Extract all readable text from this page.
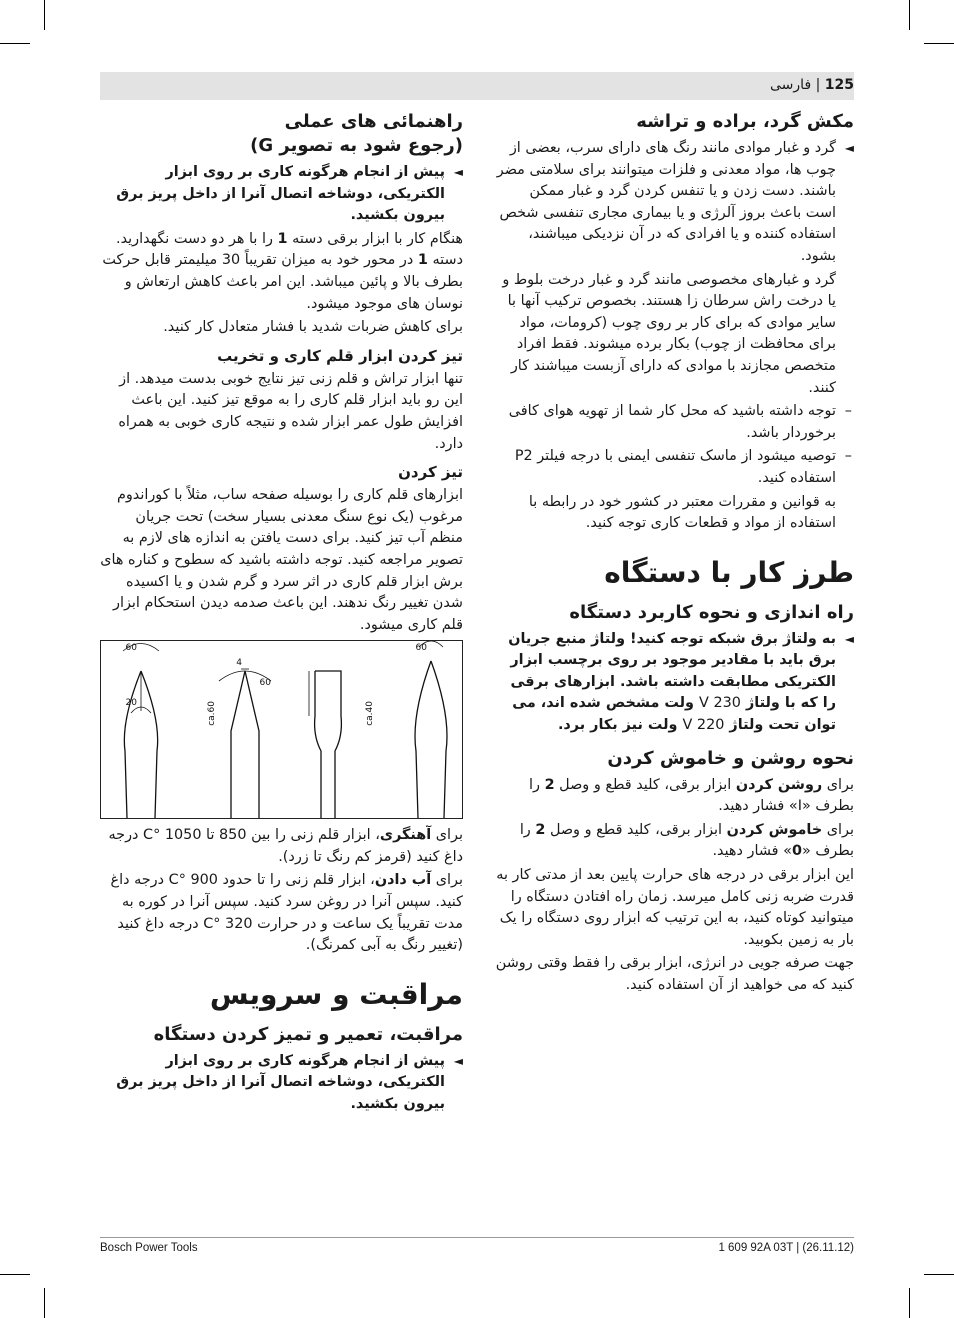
125 | فارسی
مکش گرد، براده و تراشه

◄
گرد و غبار موادی مانند رنگ های دارای سرب، بعضی از چوب ها، مواد معدنی و فلزات میتوانند برای سلامتی مضر باشند. دست زدن و یا تنفس کردن گرد و غبار ممکن است باعث بروز آلرژی و یا بیماری مجاری تنفسی شخص استفاده کننده و یا افرادی که در آن نزدیکی میباشند، بشود.

گرد و غبارهای مخصوصی مانند گرد و غبار درخت بلوط و یا درخت راش سرطان زا هستند. بخصوص ترکیب آنها با سایر موادی که برای کار بر روی چوب (کرومات، مواد برای محافظت از چوب) بکار برده میشوند. فقط افراد متخصص مجازند با موادی که دارای آزبست میباشند کار کنند.

–
توجه داشته باشید که محل کار شما از تهویه هوای کافی برخوردار باشد.

–
توصیه میشود از ماسک تنفسی ایمنی با درجه فیلتر P2 استفاده کنید.

به قوانین و مقررات معتبر در کشور خود در رابطه با استفاده از مواد و قطعات کاری توجه کنید.

طرز کار با دستگاه
راه اندازی و نحوه کاربرد دستگاه

◄
به ولتاژ برق شبکه توجه کنید! ولتاژ منبع جریان برق باید با مقادیر موجود بر روی برچسب ابزار الکتریکی مطابقت داشته باشد. ابزارهای برقی را که با ولتاژ 230 V ولت مشخص شده اند، می توان تحت ولتاژ 220 V ولت نیز بکار برد.

نحوه روشن و خاموش کردن

برای روشن کردن ابزار برقی، کلید قطع و وصل 2 را بطرف «I» فشار دهید.

برای خاموش کردن ابزار برقی، کلید قطع و وصل 2 را بطرف «0» فشار دهید.

این ابزار برقی در درجه های حرارت پایین بعد از مدتی کار به قدرت ضربه زنی کامل میرسد. زمان راه افتادن دستگاه را میتوانید کوتاه کنید، به این ترتیب که ابزار روی دستگاه را یک بار به زمین بکوبید.

جهت صرفه جویی در انرژی، ابزار برقی را فقط وقتی روشن کنید که می خواهید از آن استفاده کنید.

راهنمائی های عملی
(رجوع شود به تصویر G)

◄
پیش از انجام هرگونه کاری بر روی ابزار الکتریکی، دوشاخه اتصال آنرا از داخل پریز برق بیرون بکشید.

هنگام کار با ابزار برقی دسته 1 را با هر دو دست نگهدارید. دسته 1 در محور خود به میزان تقریباً 30 میلیمتر قابل حرکت بطرف بالا و پائین میباشد. این امر باعث کاهش ارتعاش و نوسان های موجود میشود.

برای کاهش ضربات شدید با فشار متعادل کار کنید.

تیز کردن ابزار قلم کاری و تخریب

تنها ابزار تراش و قلم زنی تیز نتایج خوبی بدست میدهد. از این رو باید ابزار قلم کاری را به موقع تیز کنید. این باعث افزایش طول عمر ابزار شده و نتیجه کاری خوبی به همراه دارد.

تیز کردن

ابزارهای قلم کاری را بوسیله صفحه ساب، مثلاً با کوراندوم مرغوب (یک نوع سنگ معدنی بسیار سخت) تحت جریان منظم آب تیز کنید. برای دست یافتن به اندازه های لازم به تصویر مراجعه کنید. توجه داشته باشید که سطوح و کناره های برش ابزار قلم کاری در اثر سرد و گرم شدن و یا اکسیده شدن تغییر رنگ ندهند. این باعث صدمه دیدن استحکام ابزار قلم کاری میشود.

60
20
4
ca.60
60
ca.40
60

برای آهنگری، ابزار قلم زنی را بین 850 تا 1050 °C درجه داغ کنید (قرمز کم رنگ تا زرد).

برای آب دادن، ابزار قلم زنی را تا حدود 900 °C درجه داغ کنید. سپس آنرا در روغن سرد کنید. سپس آنرا در کوره به مدت تقریباً یک ساعت و در حرارت 320 °C درجه داغ کنید (تغییر رنگ به آبی کمرنگ).

مراقبت و سرویس
مراقبت، تعمیر و تمیز کردن دستگاه

◄
پیش از انجام هرگونه کاری بر روی ابزار الکتریکی، دوشاخه اتصال آنرا از داخل پریز برق بیرون بکشید.

Bosch Power Tools	1 609 92A 03T | (26.11.12)
